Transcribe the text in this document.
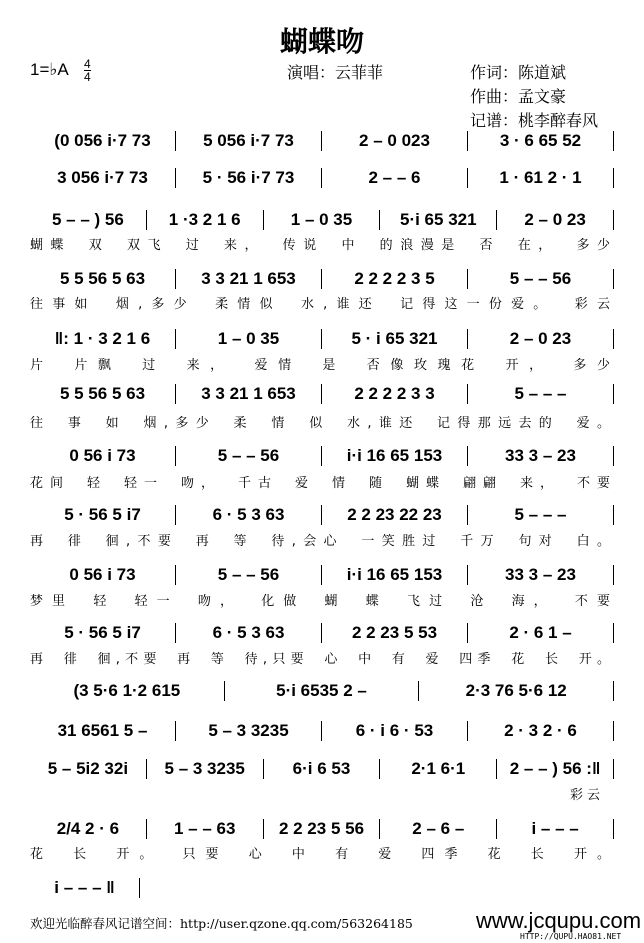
蝴蝶吻
1=♭A 4
4	演唱：云菲菲	作词：陈道斌
作曲：孟文豪
记谱：桃李醉春风
(0 056 i·7 73	5 056 i·7 73	2 – 0 023	3 · 6 65 52
3 056 i·7 73	5 · 56 i·7 73	2 – – 6	1 · 61 2 · 1
5 – – ) 56	1 ·3 2 1 6	1 – 0 35	5·i 65 321	2 – 0 23
5 5 56 5 63	3 3 21 1 653	2 2 2 2 3 5	5 – – 56
‖: 1 · 3 2 1 6	1 – 0 35	5 · i 65 321	2 – 0 23
5 5 56 5 63	3 3 21 1 653	2 2 2 2 3 3	5 – – –
0 56 i 73	5 – – 56	i·i 16 65 153	33 3 – 23
5 · 56 5 i7	6 · 5 3 63	2 2 23 22 23	5 – – –
0 56 i 73	5 – – 56	i·i 16 65 153	33 3 – 23
5 · 56 5 i7	6 · 5 3 63	2 2 23 5 53	2 · 6 1 –
(3 5·6 1·2 615	5·i 6535 2 –	2·3 76 5·6 12
31 6561 5 –	5 – 3 3235	6 · i 6 · 53	2 · 3 2 · 6
5 – 5i2 32i	5 – 3 3235	6·i 6 53	2·1 6·1	2 – – ) 56 :‖
2/4 2 · 6	1 – – 63	2 2 23 5 56	2 – 6 –	i – – –
i – – – ‖
蝴蝶 双 双飞 过 来， 传说 中 的浪漫是 否 在， 多少
往事如 烟,多少 柔情似 水,谁还 记得这一份爱。 彩云
片 片飘 过 来， 爱情 是 否像玫瑰花 开， 多少
往 事 如 烟,多少 柔 情 似 水,谁还 记得那远去的 爱。
花间 轻 轻一 吻， 千古 爱 情 随 蝴蝶 翩翩 来， 不要
再 徘 徊,不要 再 等 待,会心 一笑胜过 千万 句对 白。
梦里 轻 轻一 吻， 化做 蝴 蝶 飞过 沧 海， 不要
再 徘 徊,不要 再 等 待,只要 心 中 有 爱 四季 花 长 开。
彩云
花 长 开。 只要 心 中 有 爱 四季 花 长 开。
欢迎光临醉春风记谱空间：http://user.qzone.qq.com/563264185	www.jcqupu.com
HTTP://QUPU.HAO81.NET
